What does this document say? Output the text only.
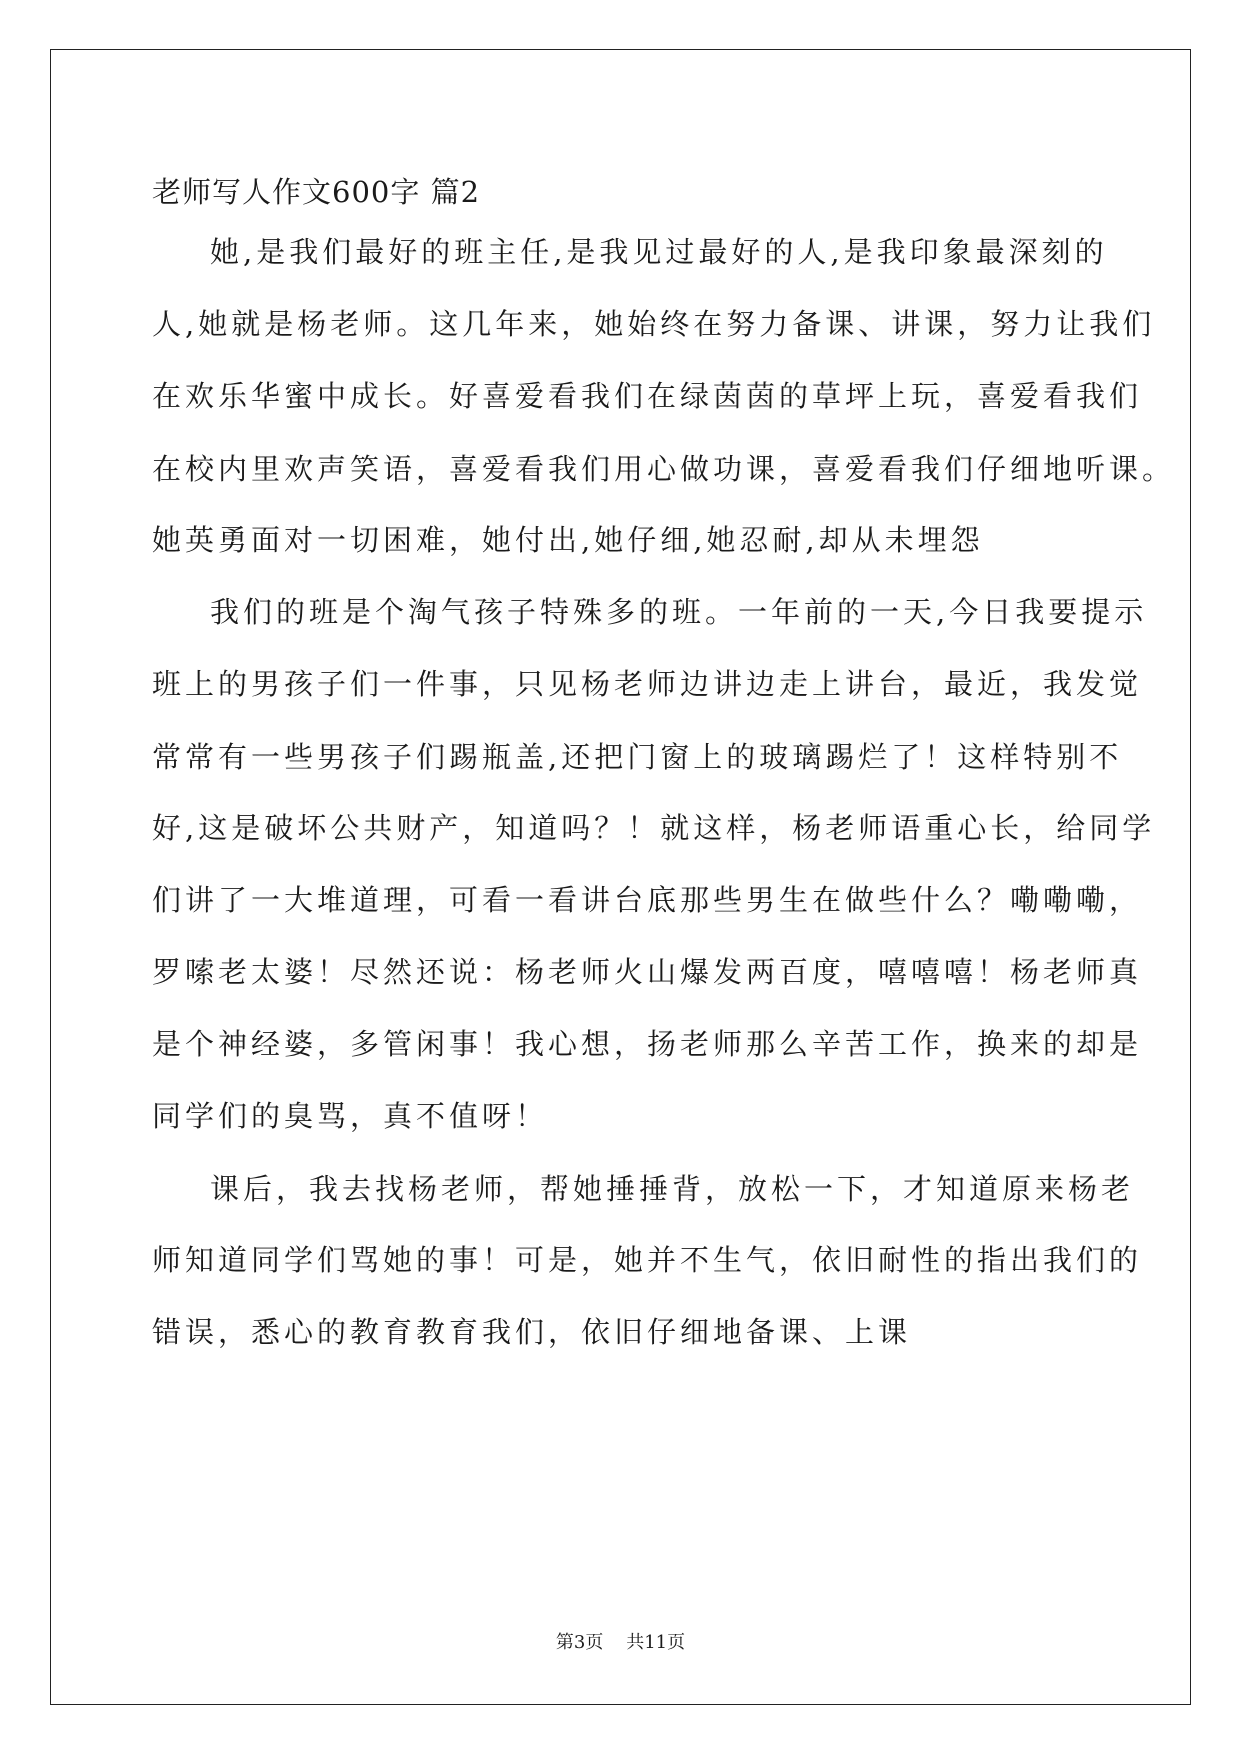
老师写人作文600字 篇2
她,是我们最好的班主任,是我见过最好的人,是我印象最深刻的
人,她就是杨老师。这几年来，她始终在努力备课、讲课，努力让我们
在欢乐华蜜中成长。好喜爱看我们在绿茵茵的草坪上玩，喜爱看我们
在校内里欢声笑语，喜爱看我们用心做功课，喜爱看我们仔细地听课。
她英勇面对一切困难，她付出,她仔细,她忍耐,却从未埋怨
我们的班是个淘气孩子特殊多的班。一年前的一天,今日我要提示
班上的男孩子们一件事，只见杨老师边讲边走上讲台，最近，我发觉
常常有一些男孩子们踢瓶盖,还把门窗上的玻璃踢烂了！这样特别不
好,这是破坏公共财产，知道吗？！就这样，杨老师语重心长，给同学
们讲了一大堆道理，可看一看讲台底那些男生在做些什么？嘞嘞嘞，
罗嗦老太婆！尽然还说：杨老师火山爆发两百度，嘻嘻嘻！杨老师真
是个神经婆，多管闲事！我心想，扬老师那么辛苦工作，换来的却是
同学们的臭骂，真不值呀！
课后，我去找杨老师，帮她捶捶背，放松一下，才知道原来杨老
师知道同学们骂她的事！可是，她并不生气，依旧耐性的指出我们的
错误，悉心的教育教育我们，依旧仔细地备课、上课
第3页    共11页
